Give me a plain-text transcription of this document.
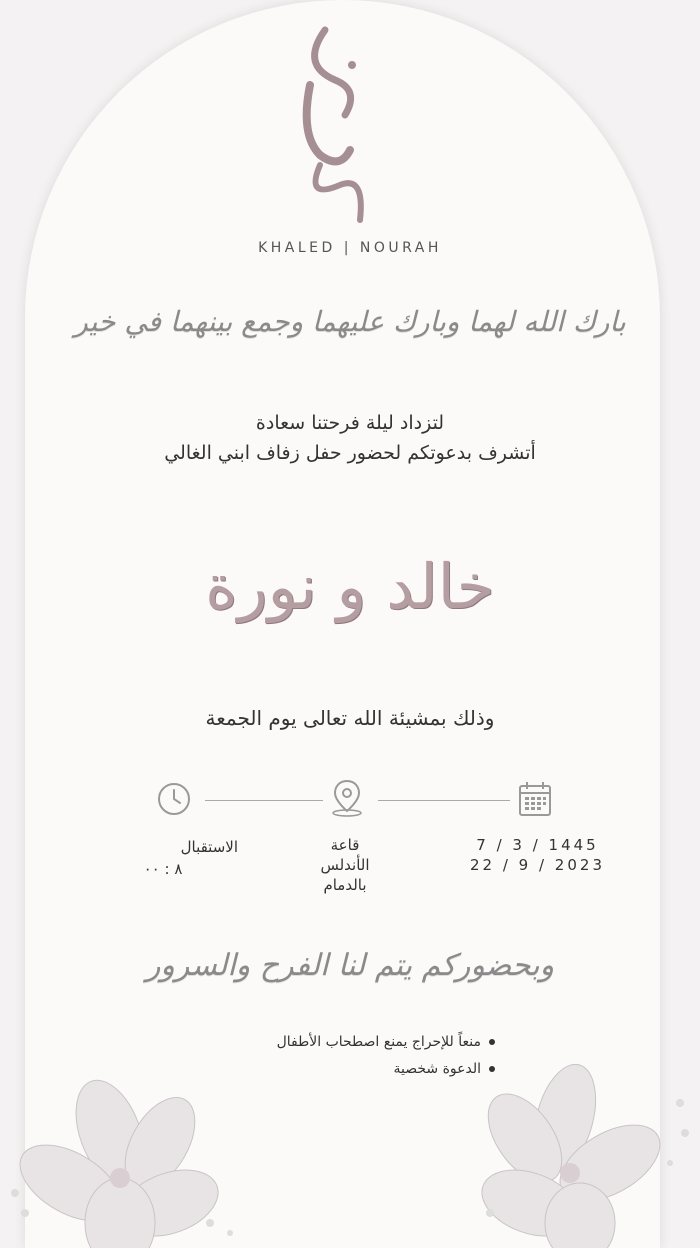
KHALED | NOURAH
بارك الله لهما وبارك عليهما وجمع بينهما في خير
لتزداد ليلة فرحتنا سعادة
أتشرف بدعوتكم لحضور حفل زفاف ابني الغالي
خالد و نورة
وذلك بمشيئة الله تعالى يوم الجمعة
الاستقبال
٨ : ٠٠
قاعة
الأندلس
بالدمام
7 / 3 / 1445
22 / 9 / 2023
وبحضوركم يتم لنا الفرح والسرور
منعاً للإحراج يمنع اصطحاب الأطفال
الدعوة شخصية
